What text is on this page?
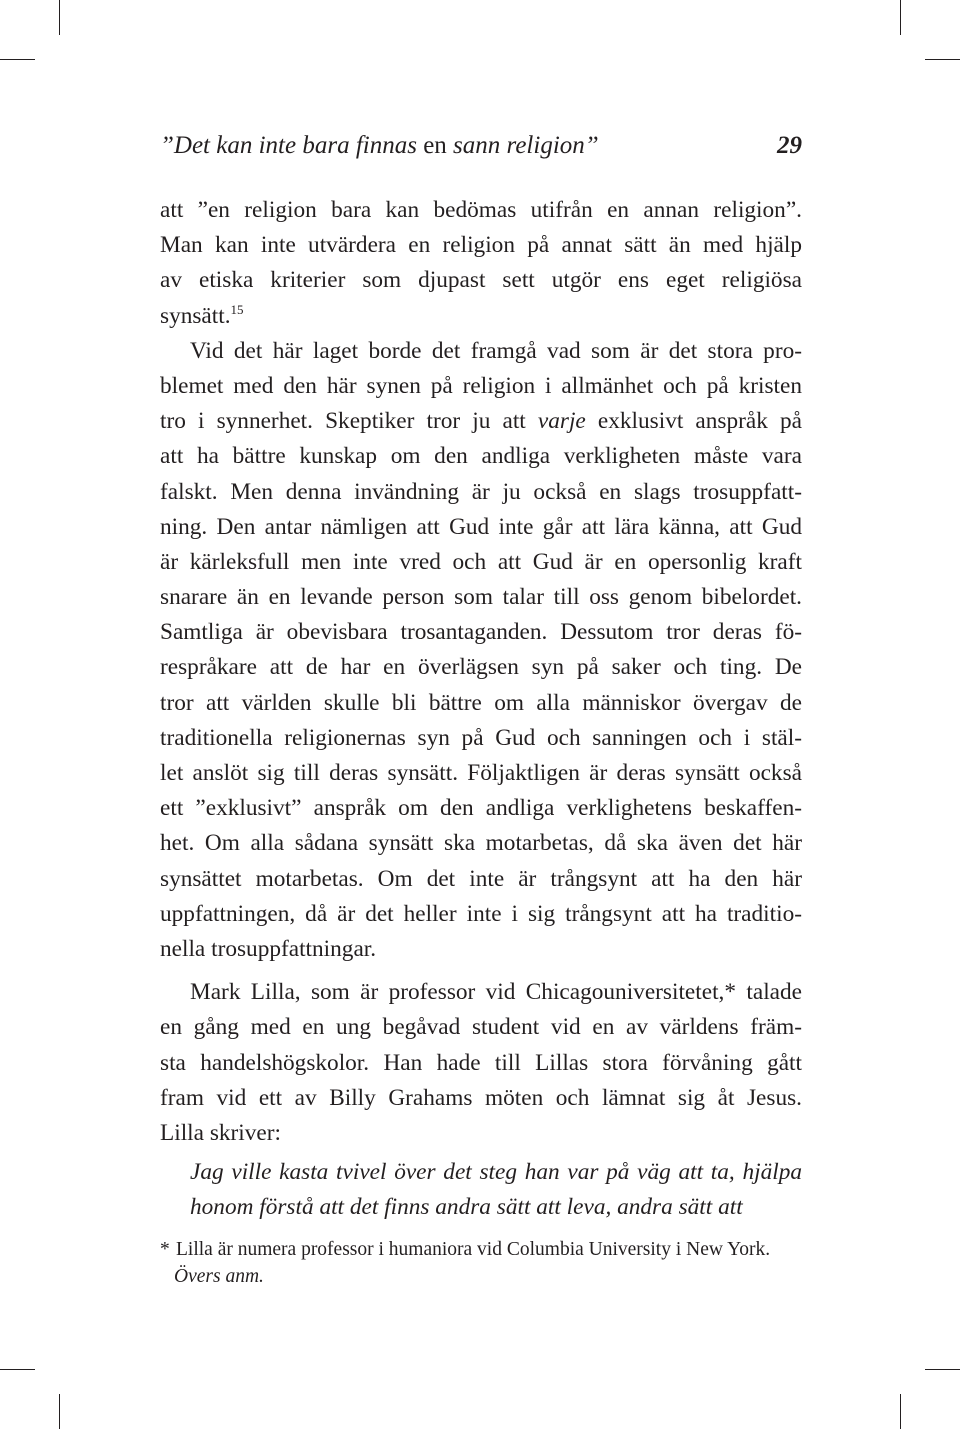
”Det kan inte bara finnas en sann religion”	29
att ”en religion bara kan bedömas utifrån en annan religion”.
Man kan inte utvärdera en religion på annat sätt än med hjälp
av etiska kriterier som djupast sett utgör ens eget religiösa
synsätt.$^{15}$
Vid det här laget borde det framgå vad som är det stora pro-
blemet med den här synen på religion i allmänhet och på kristen
tro i synnerhet. Skeptiker tror ju att varje exklusivt anspråk på
att ha bättre kunskap om den andliga verkligheten måste vara
falskt. Men denna invändning är ju också en slags trosuppfatt-
ning. Den antar nämligen att Gud inte går att lära känna, att Gud
är kärleksfull men inte vred och att Gud är en opersonlig kraft
snarare än en levande person som talar till oss genom bibelordet.
Samtliga är obevisbara trosantaganden. Dessutom tror deras fö-
respråkare att de har en överlägsen syn på saker och ting. De
tror att världen skulle bli bättre om alla människor övergav de
traditionella religionernas syn på Gud och sanningen och i stäl-
let anslöt sig till deras synsätt. Följaktligen är deras synsätt också
ett ”exklusivt” anspråk om den andliga verklighetens beskaffen-
het. Om alla sådana synsätt ska motarbetas, då ska även det här
synsättet motarbetas. Om det inte är trångsynt att ha den här
uppfattningen, då är det heller inte i sig trångsynt att ha traditio-
nella trosuppfattningar.
Mark Lilla, som är professor vid Chicagouniversitetet,* talade
en gång med en ung begåvad student vid en av världens främ-
sta handelshögskolor. Han hade till Lillas stora förvåning gått
fram vid ett av Billy Grahams möten och lämnat sig åt Jesus.
Lilla skriver:
Jag ville kasta tvivel över det steg han var på väg att ta, hjälpa
honom förstå att det finns andra sätt att leva, andra sätt att
* Lilla är numera professor i humaniora vid Columbia University i New York.
Övers anm.
